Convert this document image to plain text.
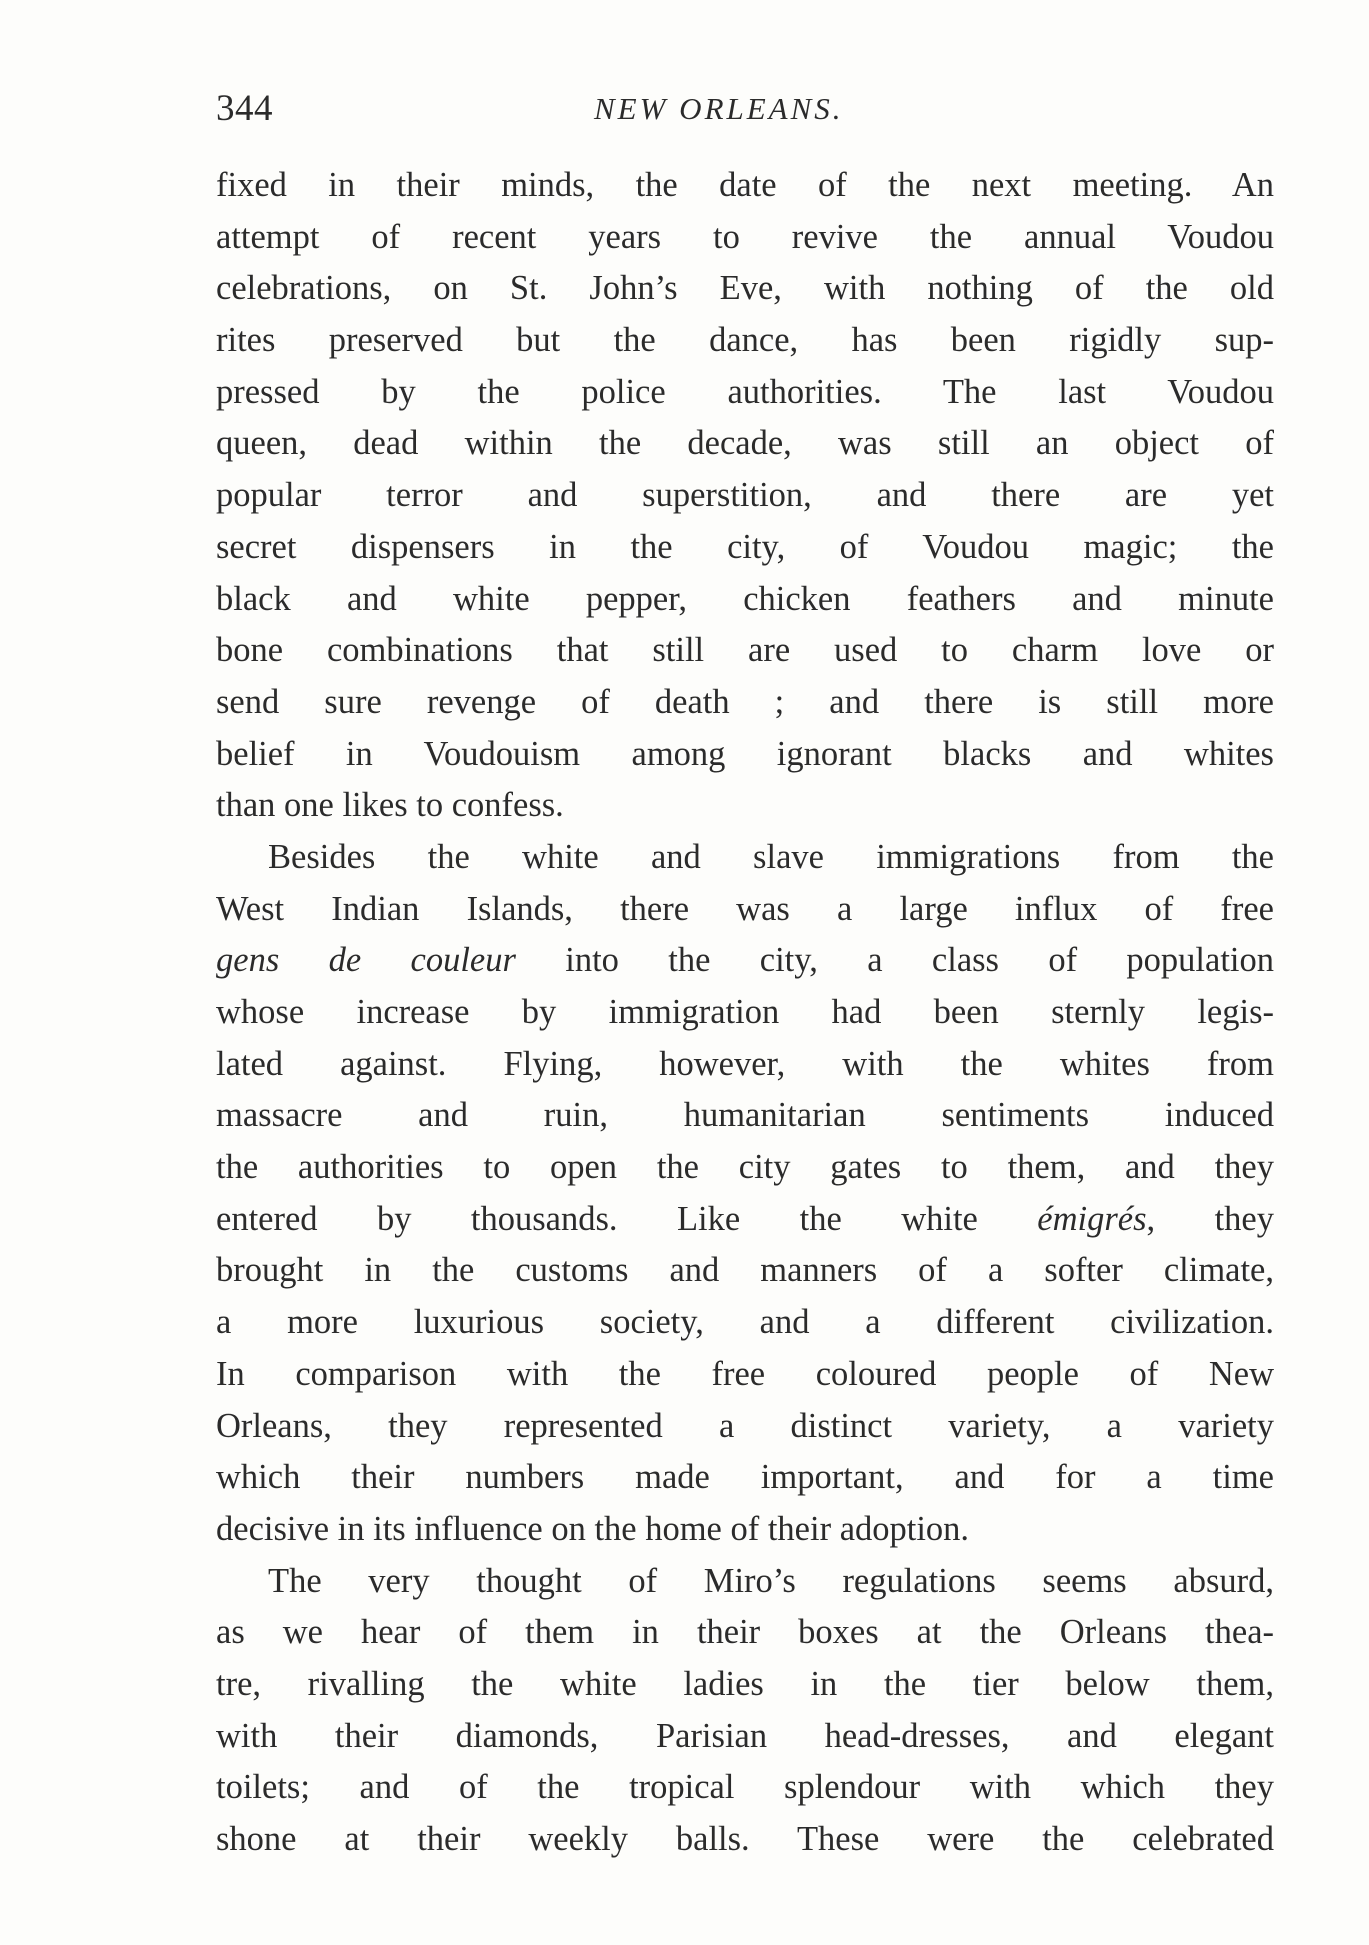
344	NEW ORLEANS.
fixed in their minds, the date of the next meeting. An
attempt of recent years to revive the annual Voudou
celebrations, on St. John’s Eve, with nothing of the old
rites preserved but the dance, has been rigidly sup-
pressed by the police authorities. The last Voudou
queen, dead within the decade, was still an object of
popular terror and superstition, and there are yet
secret dispensers in the city, of Voudou magic; the
black and white pepper, chicken feathers and minute
bone combinations that still are used to charm love or
send sure revenge of death ; and there is still more
belief in Voudouism among ignorant blacks and whites
than one likes to confess.
Besides the white and slave immigrations from the
West Indian Islands, there was a large influx of free
gens de couleur into the city, a class of population
whose increase by immigration had been sternly legis-
lated against. Flying, however, with the whites from
massacre and ruin, humanitarian sentiments induced
the authorities to open the city gates to them, and they
entered by thousands. Like the white émigrés, they
brought in the customs and manners of a softer climate,
a more luxurious society, and a different civilization.
In comparison with the free coloured people of New
Orleans, they represented a distinct variety, a variety
which their numbers made important, and for a time
decisive in its influence on the home of their adoption.
The very thought of Miro’s regulations seems absurd,
as we hear of them in their boxes at the Orleans thea-
tre, rivalling the white ladies in the tier below them,
with their diamonds, Parisian head-dresses, and elegant
toilets; and of the tropical splendour with which they
shone at their weekly balls. These were the celebrated
